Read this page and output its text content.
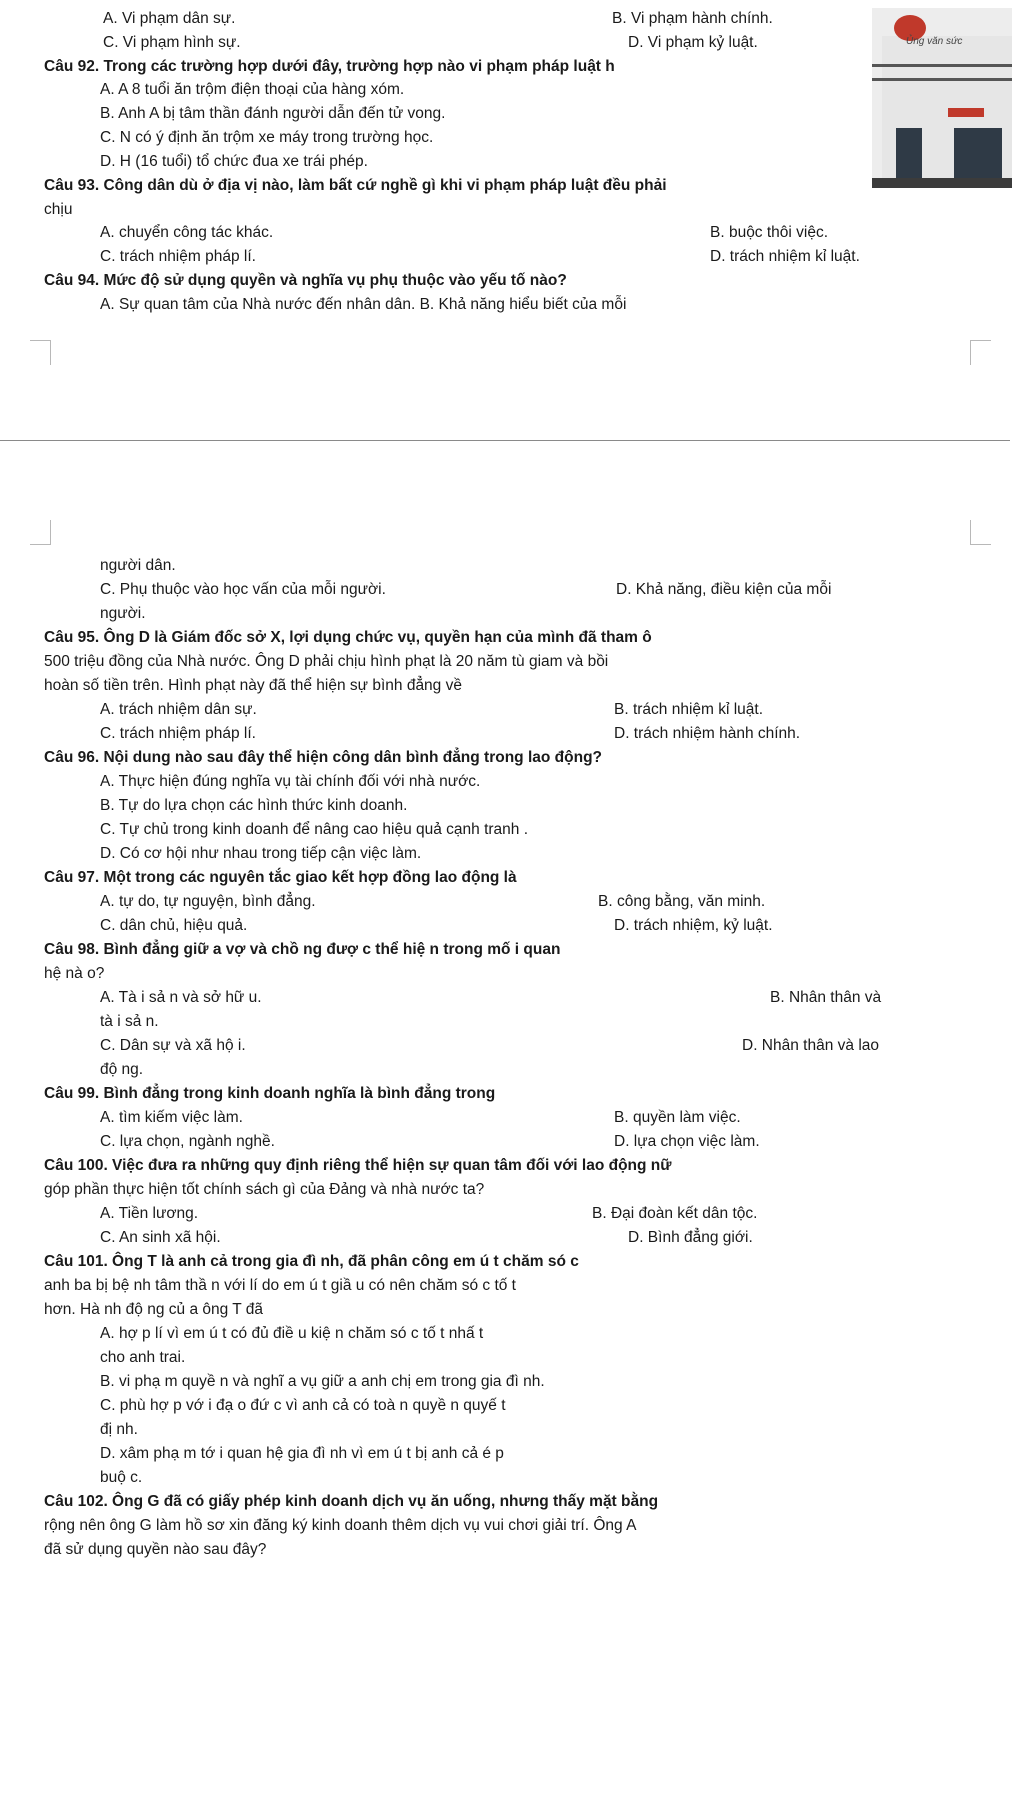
A. Vi phạm dân sự.	B. Vi phạm hành chính.
C. Vi phạm hình sự.	D. Vi phạm kỷ luật.
Câu 92. Trong các trường hợp dưới đây, trường hợp nào vi phạm pháp luật h
A. A 8 tuổi ăn trộm điện thoại của hàng xóm.
B. Anh A bị tâm thần đánh người dẫn đến tử vong.
C. N có ý định ăn trộm xe máy trong trường học.
D. H (16 tuổi) tổ chức đua xe trái phép.
Ủng văn sức
Câu 93. Công dân dù ở địa vị nào, làm bất cứ nghề gì khi vi phạm pháp luật đều phải
chịu
A. chuyển công tác khác.	B. buộc thôi việc.
C. trách nhiệm pháp lí.	D. trách nhiệm kỉ luật.
Câu 94. Mức độ sử dụng quyền và nghĩa vụ phụ thuộc vào yếu tố nào?
A. Sự quan tâm của Nhà nước đến nhân dân. B. Khả năng hiểu biết của mỗi
người dân.
C. Phụ thuộc vào học vấn của mỗi người.	D. Khả năng, điều kiện của mỗi
người.
Câu 95. Ông D là Giám đốc sở X, lợi dụng chức vụ, quyền hạn của mình đã tham ô
500 triệu đồng của Nhà nước. Ông D phải chịu hình phạt là 20 năm tù giam và bồi
hoàn số tiền trên. Hình phạt này đã thể hiện sự bình đẳng về
A. trách nhiệm dân sự.	B. trách nhiệm kỉ luật.
C. trách nhiệm pháp lí.	D. trách nhiệm hành chính.
Câu 96. Nội dung nào sau đây thể hiện công dân bình đẳng trong lao động?
A. Thực hiện đúng nghĩa vụ tài chính đối với nhà nước.
B. Tự do lựa chọn các hình thức kinh doanh.
C. Tự chủ trong kinh doanh để nâng cao hiệu quả cạnh tranh .
D. Có cơ hội như nhau trong tiếp cận việc làm.
Câu 97. Một trong các nguyên tắc giao kết hợp đồng lao động là
A. tự do, tự nguyện, bình đẳng.	B. công bằng, văn minh.
C. dân chủ, hiệu quả.	D. trách nhiệm, kỷ luật.
Câu 98. Bình đẳng giữ a vợ và chồ ng đượ c thể hiệ n trong mố i quan
hệ nà o?
A. Tà i sả n và sở hữ u.	B. Nhân thân và
tà i sả n.
C. Dân sự và xã hộ i.	D. Nhân thân và lao
độ ng.
Câu 99. Bình đẳng trong kinh doanh nghĩa là bình đẳng trong
A. tìm kiếm việc làm.	B. quyền làm việc.
C. lựa chọn, ngành nghề.	D. lựa chọn việc làm.
Câu 100. Việc đưa ra những quy định riêng thể hiện sự quan tâm đối với lao động nữ
góp phần thực hiện tốt chính sách gì của Đảng và nhà nước ta?
A. Tiền lương.	B. Đại đoàn kết dân tộc.
C. An sinh xã hội.	D. Bình đẳng giới.
Câu 101. Ông T là anh cả trong gia đì nh, đã phân công em ú t chăm só c
anh ba bị bệ nh tâm thầ n với lí do em ú t giầ u có nên chăm só c tố t
hơn. Hà nh độ ng củ a ông T đã
A. hợ p lí vì em ú t có đủ điề u kiệ n chăm só c tố t nhấ t
cho anh trai.
B. vi phạ m quyề n và nghĩ a vụ giữ a anh chị em trong gia đì nh.
C. phù hợ p vớ i đạ o đứ c vì anh cả có toà n quyề n quyế t
đị nh.
D. xâm phạ m tớ i quan hệ gia đì nh vì em ú t bị anh cả é p
buộ c.
Câu 102. Ông G đã có giấy phép kinh doanh dịch vụ ăn uống, nhưng thấy mặt bằng
rộng nên ông G làm hồ sơ xin đăng ký kinh doanh thêm dịch vụ vui chơi giải trí. Ông A
đã sử dụng quyền nào sau đây?
